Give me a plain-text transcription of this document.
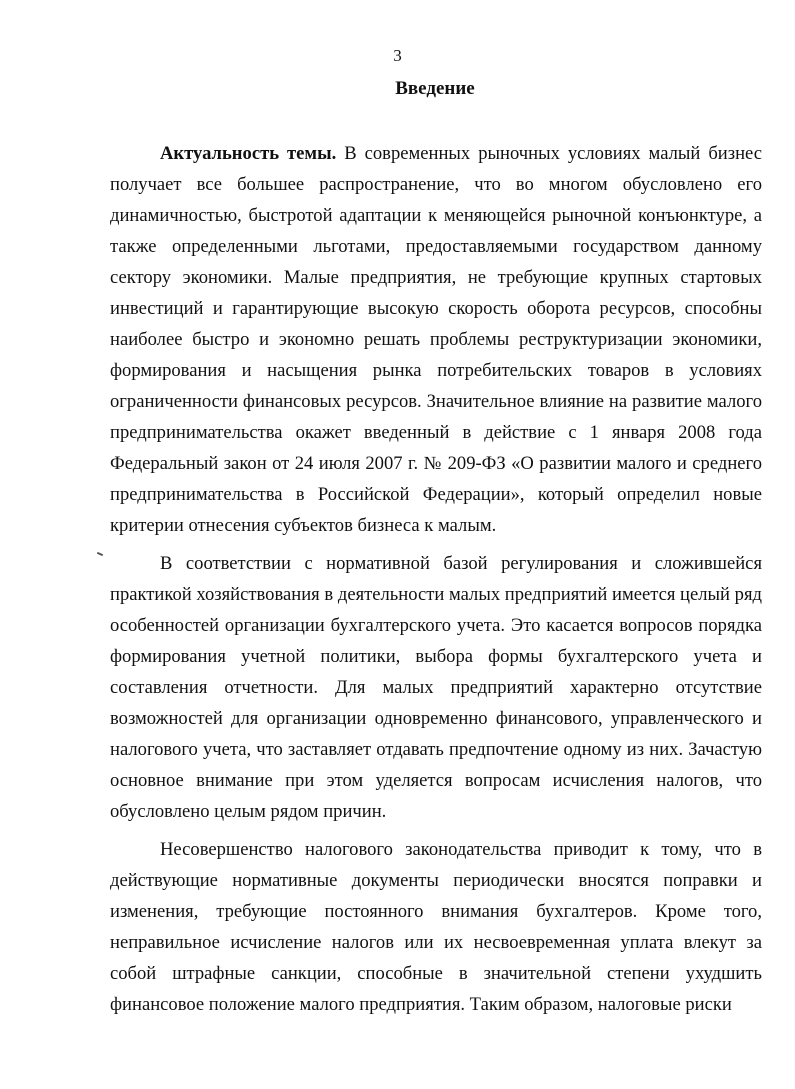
3
Введение

Актуальность темы. В современных рыночных условиях малый бизнес получает все большее распространение, что во многом обусловлено его динамичностью, быстротой адаптации к меняющейся рыночной конъюнктуре, а также определенными льготами, предоставляемыми государством данному сектору экономики. Малые предприятия, не требующие крупных стартовых инвестиций и гарантирующие высокую скорость оборота ресурсов, способны наиболее быстро и экономно решать проблемы реструктуризации экономики, формирования и насыщения рынка потребительских товаров в условиях ограниченности финансовых ресурсов. Значительное влияние на развитие малого предпринимательства окажет введенный в действие с 1 января 2008 года Федеральный закон от 24 июля 2007 г. № 209-ФЗ «О развитии малого и среднего предпринимательства в Российской Федерации», который определил новые критерии отнесения субъектов бизнеса к малым.

В соответствии с нормативной базой регулирования и сложившейся практикой хозяйствования в деятельности малых предприятий имеется целый ряд особенностей организации бухгалтерского учета. Это касается вопросов порядка формирования учетной политики, выбора формы бухгалтерского учета и составления отчетности. Для малых предприятий характерно отсутствие возможностей для организации одновременно финансового, управленческого и налогового учета, что заставляет отдавать предпочтение одному из них. Зачастую основное внимание при этом уделяется вопросам исчисления налогов, что обусловлено целым рядом причин.

Несовершенство налогового законодательства приводит к тому, что в действующие нормативные документы периодически вносятся поправки и изменения, требующие постоянного внимания бухгалтеров. Кроме того, неправильное исчисление налогов или их несвоевременная уплата влекут за собой штрафные санкции, способные в значительной степени ухудшить финансовое положение малого предприятия. Таким образом, налоговые риски
